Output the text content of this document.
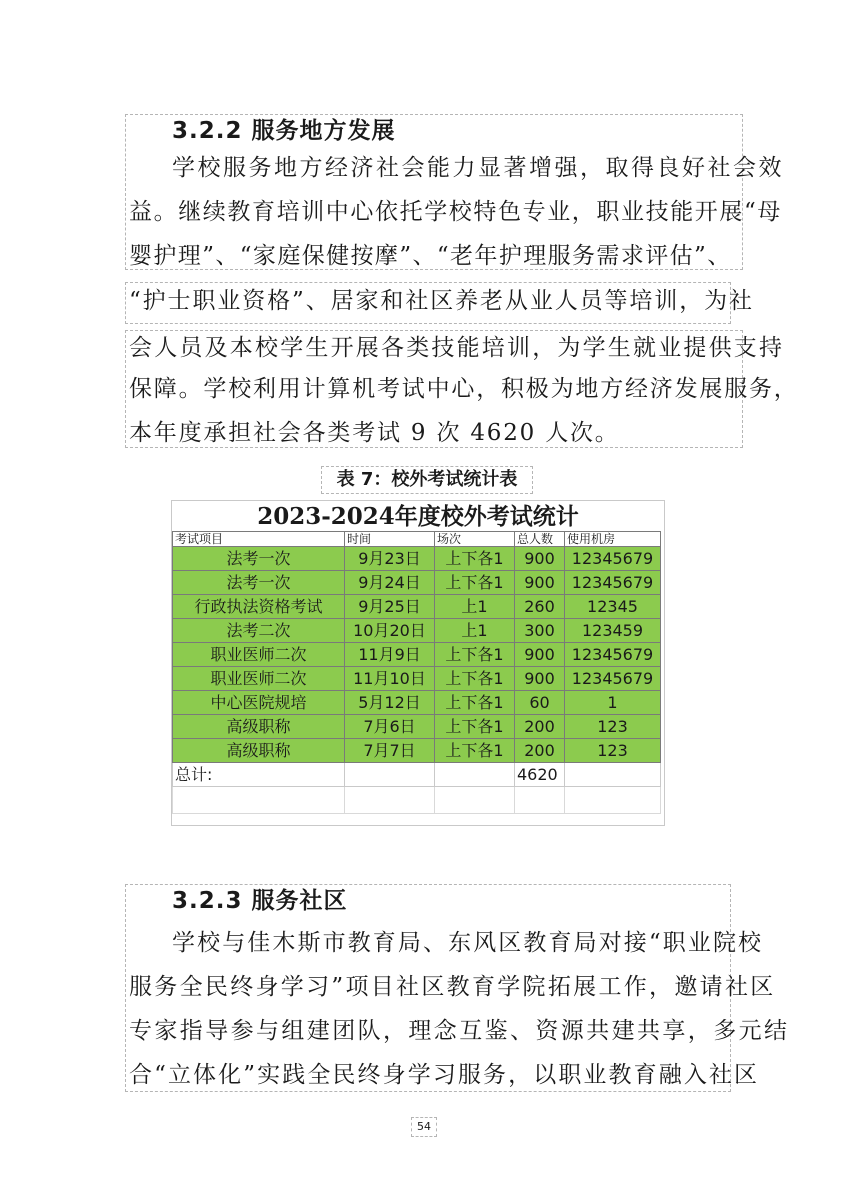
3.2.2 服务地方发展
学校服务地方经济社会能力显著增强，取得良好社会效
益。继续教育培训中心依托学校特色专业，职业技能开展“母
婴护理”、“家庭保健按摩”、“老年护理服务需求评估”、
“护士职业资格”、居家和社区养老从业人员等培训，为社
会人员及本校学生开展各类技能培训，为学生就业提供支持
保障。学校利用计算机考试中心，积极为地方经济发展服务，
本年度承担社会各类考试 9 次 4620 人次。
表 7：校外考试统计表
2023-2024年度校外考试统计
考试项目	时间	场次	总人数	使用机房
法考一次	9月23日	上下各1	900	12345679
法考一次	9月24日	上下各1	900	12345679
行政执法资格考试	9月25日	上1	260	12345
法考二次	10月20日	上1	300	123459
职业医师二次	11月9日	上下各1	900	12345679
职业医师二次	11月10日	上下各1	900	12345679
中心医院规培	5月12日	上下各1	60	1
高级职称	7月6日	上下各1	200	123
高级职称	7月7日	上下各1	200	123
总计:			4620	

3.2.3 服务社区
学校与佳木斯市教育局、东风区教育局对接“职业院校
服务全民终身学习”项目社区教育学院拓展工作，邀请社区
专家指导参与组建团队，理念互鉴、资源共建共享，多元结
合“立体化”实践全民终身学习服务，以职业教育融入社区
54
